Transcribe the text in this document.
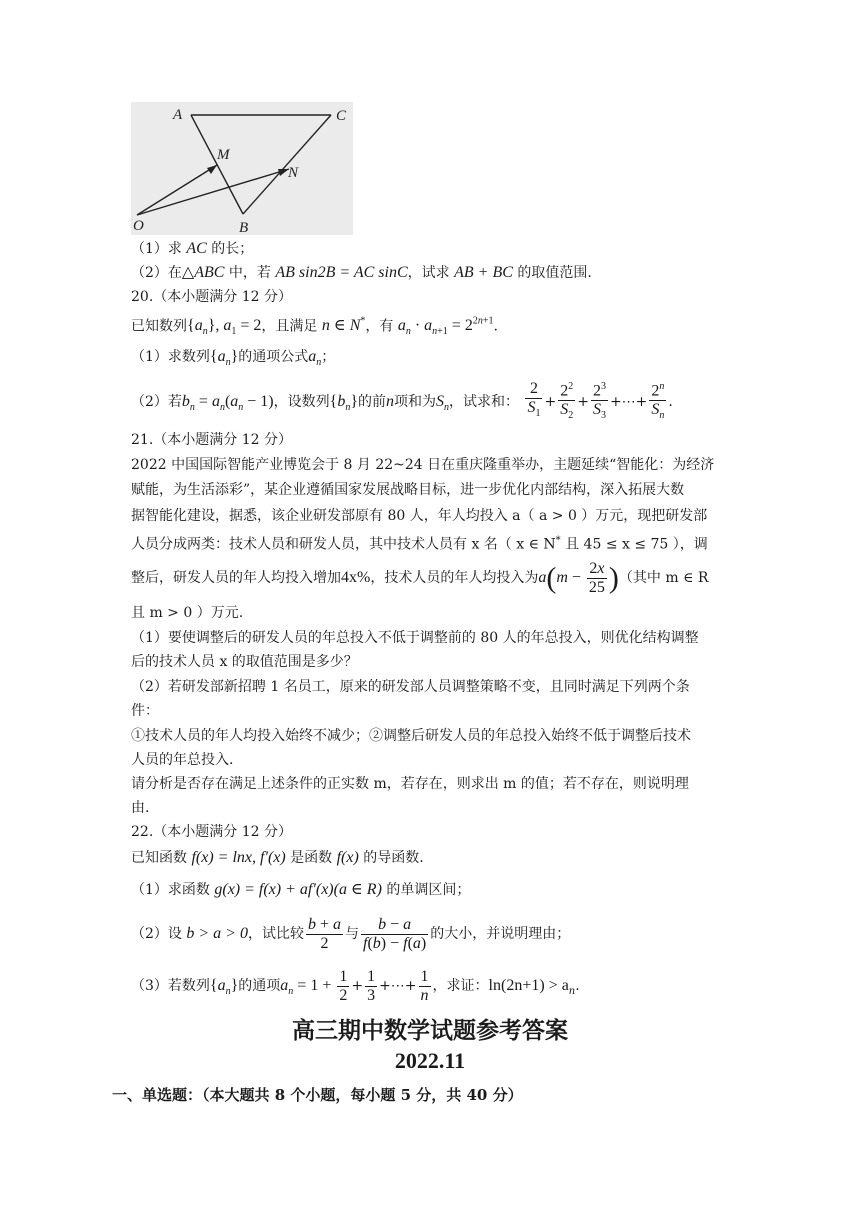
A	C
M
N
O	B
（1）求 AC 的长；
（2）在△ABC 中，若 AB sin2B = AC sinC，试求 AB + BC 的取值范围.
20.（本小题满分 12 分）
已知数列$\{a_n\}$, $a_1 = 2$，且满足 n ∈ N*，有 $a_n \cdot a_{n+1} = 2^{2n+1}$.
（1）求数列$\{a_n\}$的通项公式$a_n$；
（2）若$b_n = a_n(a_n - 1)$，设数列$\{b_n\}$的前n项和为$S_n$，试求和： $\frac{2}{S_1} + \frac{2^2}{S_2} + \frac{2^3}{S_3}$ +⋯+ $\frac{2^n}{S_n}$ .
21.（本小题满分 12 分）
2022 中国国际智能产业博览会于 8 月 22~24 日在重庆隆重举办，主题延续“智能化：为经济
赋能，为生活添彩”，某企业遵循国家发展战略目标，进一步优化内部结构，深入拓展大数
据智能化建设，据悉，该企业研发部原有 80 人，年人均投入 a（ a > 0 ）万元，现把研发部
人员分成两类：技术人员和研发人员，其中技术人员有 x 名（ x ∈ N* 且 45 ≤ x ≤ 75 ），调
整后，研发人员的年人均投入增加4x%，技术人员的年人均投入为$a(m - \frac{2x}{25}$ )（其中 m ∈ R
且 m > 0 ）万元.
（1）要使调整后的研发人员的年总投入不低于调整前的 80 人的年总投入，则优化结构调整
后的技术人员 x 的取值范围是多少？
（2）若研发部新招聘 1 名员工，原来的研发部人员调整策略不变，且同时满足下列两个条
件：
①技术人员的年人均投入始终不减少；②调整后研发人员的年总投入始终不低于调整后技术
人员的年总投入.
请分析是否存在满足上述条件的正实数 m，若存在，则求出 m 的值；若不存在，则说明理
由.
22.（本小题满分 12 分）
已知函数 f(x) = lnx, f′(x) 是函数 f(x) 的导函数.
（1）求函数 g(x) = f(x) + af′(x)(a ∈ R) 的单调区间；
（2）设 b > a > 0，试比较 $\frac{b + a}{2}$ 与 $\frac{b - a}{f(b) - f(a)}$ 的大小，并说明理由；
（3）若数列$\{a_n\}$的通项$a_n = 1 + \frac{1}{2} + \frac{1}{3}$ +⋯+ $\frac{1}{n}$ ，求证：$\ln(2n+1) > a_n$.
高三期中数学试题参考答案
2022.11
一、单选题：（本大题共 8 个小题，每小题 5 分，共 40 分）
